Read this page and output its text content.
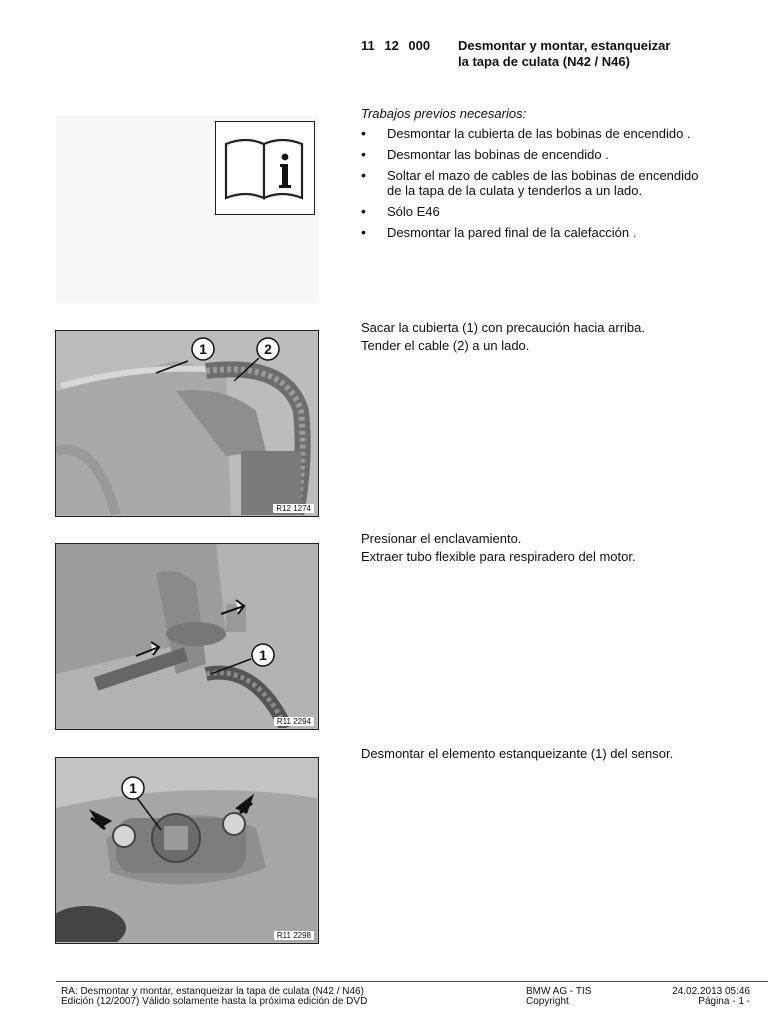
11 12 000 Desmontar y montar, estanqueizar
la tapa de culata (N42 / N46)
Trabajos previos necesarios:
• Desmontar la cubierta de las bobinas de encendido .
• Desmontar las bobinas de encendido .
• Soltar el mazo de cables de las bobinas de encendido de la tapa de la culata y tenderlos a un lado.
• Sólo E46
• Desmontar la pared final de la calefacción .
1	2
R12 1274
Sacar la cubierta (1) con precaución hacia arriba.
Tender el cable (2) a un lado.
1
R11 2294
Presionar el enclavamiento.
Extraer tubo flexible para respiradero del motor.
1
R11 2298
Desmontar el elemento estanqueizante (1) del sensor.
RA: Desmontar y montar, estanqueizar la tapa de culata (N42 / N46)
Edición (12/2007) Válido solamente hasta la próxima edición de DVD
BMW AG - TIS
Copyright
24.02.2013 05:46
Página - 1 -
